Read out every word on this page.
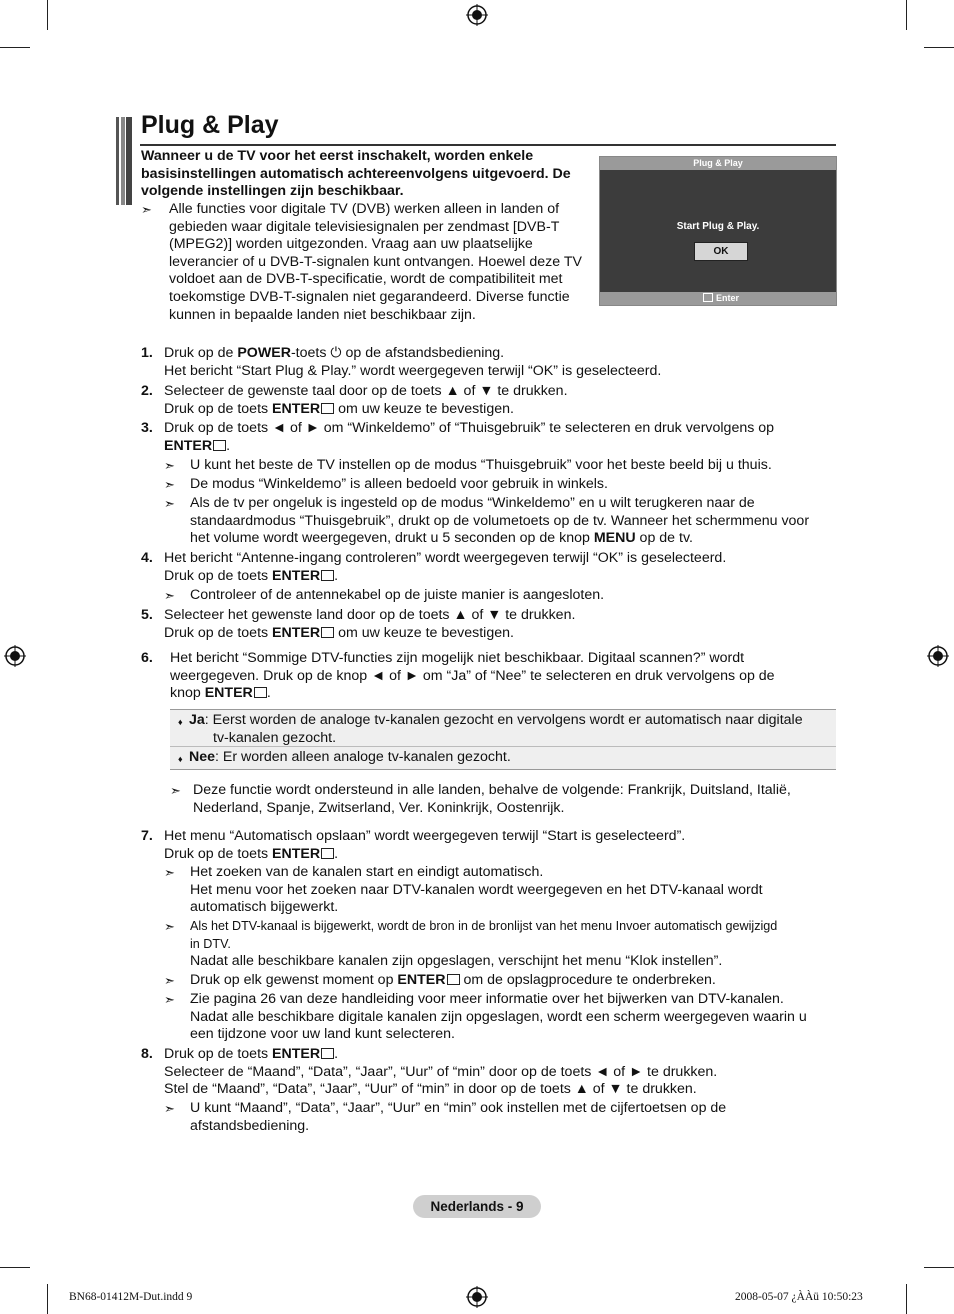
Plug & Play
Wanneer u de TV voor het eerst inschakelt, worden enkele basisinstellingen automatisch achtereenvolgens uitgevoerd. De volgende instellingen zijn beschikbaar.
➣	Alle functies voor digitale TV (DVB) werken alleen in landen of gebieden waar digitale televisiesignalen per zendmast [DVB-T (MPEG2)] worden uitgezonden. Vraag aan uw plaatselijke leverancier of u DVB-T-signalen kunt ontvangen. Hoewel deze TV voldoet aan de DVB-T-specificatie, wordt de compatibiliteit met toekomstige DVB-T-signalen niet gegarandeerd. Diverse functie kunnen in bepaalde landen niet beschikbaar zijn.
Plug & Play
Start Plug & Play.
OK
Enter
1. Druk op de POWER-toets ⏻ op de afstandsbediening.
Het bericht “Start Plug & Play.” wordt weergegeven terwijl “OK” is geselecteerd.
2. Selecteer de gewenste taal door op de toets ▲ of ▼ te drukken.
Druk op de toets ENTER om uw keuze te bevestigen.
3. Druk op de toets ◄ of ► om “Winkeldemo” of “Thuisgebruik” te selecteren en druk vervolgens op
ENTER .
➣	U kunt het beste de TV instellen op de modus “Thuisgebruik” voor het beste beeld bij u thuis.
➣	De modus “Winkeldemo” is alleen bedoeld voor gebruik in winkels.
➣	Als de tv per ongeluk is ingesteld op de modus “Winkeldemo” en u wilt terugkeren naar de
standaardmodus “Thuisgebruik”, drukt op de volumetoets op de tv. Wanneer het schermmenu voor
het volume wordt weergegeven, drukt u 5 seconden op de knop MENU op de tv.
4. Het bericht “Antenne-ingang controleren” wordt weergegeven terwijl “OK” is geselecteerd.
Druk op de toets ENTER .
➣	Controleer of de antennekabel op de juiste manier is aangesloten.
5. Selecteer het gewenste land door op de toets ▲ of ▼ te drukken.
Druk op de toets ENTER om uw keuze te bevestigen.
6. Het bericht “Sommige DTV-functies zijn mogelijk niet beschikbaar. Digitaal scannen?” wordt
weergegeven. Druk op de knop ◄ of ► om “Ja” of “Nee” te selecteren en druk vervolgens op de
knop ENTER .
♦ Ja: Eerst worden de analoge tv-kanalen gezocht en vervolgens wordt er automatisch naar digitale
tv-kanalen gezocht.
♦ Nee: Er worden alleen analoge tv-kanalen gezocht.
➣ Deze functie wordt ondersteund in alle landen, behalve de volgende: Frankrijk, Duitsland, Italië,
Nederland, Spanje, Zwitserland, Ver. Koninkrijk, Oostenrijk.
7. Het menu “Automatisch opslaan” wordt weergegeven terwijl “Start is geselecteerd”.
Druk op de toets ENTER .
➣	Het zoeken van de kanalen start en eindigt automatisch.
Het menu voor het zoeken naar DTV-kanalen wordt weergegeven en het DTV-kanaal wordt
automatisch bijgewerkt.
➣	Als het DTV-kanaal is bijgewerkt, wordt de bron in de bronlijst van het menu Invoer automatisch gewijzigd
in DTV.
Nadat alle beschikbare kanalen zijn opgeslagen, verschijnt het menu “Klok instellen”.
➣	Druk op elk gewenst moment op ENTER om de opslagprocedure te onderbreken.
➣	Zie pagina 26 van deze handleiding voor meer informatie over het bijwerken van DTV-kanalen.
Nadat alle beschikbare digitale kanalen zijn opgeslagen, wordt een scherm weergegeven waarin u
een tijdzone voor uw land kunt selecteren.
8. Druk op de toets ENTER .
Selecteer de “Maand”, “Data”, “Jaar”, “Uur” of “min” door op de toets ◄ of ► te drukken.
Stel de “Maand”, “Data”, “Jaar”, “Uur” of “min” in door op de toets ▲ of ▼ te drukken.
➣	U kunt “Maand”, “Data”, “Jaar”, “Uur” en “min” ook instellen met de cijfertoetsen op de
afstandsbediening.
Nederlands - 9
BN68-01412M-Dut.indd 9	2008-05-07 ¿ÀÀü 10:50:23
